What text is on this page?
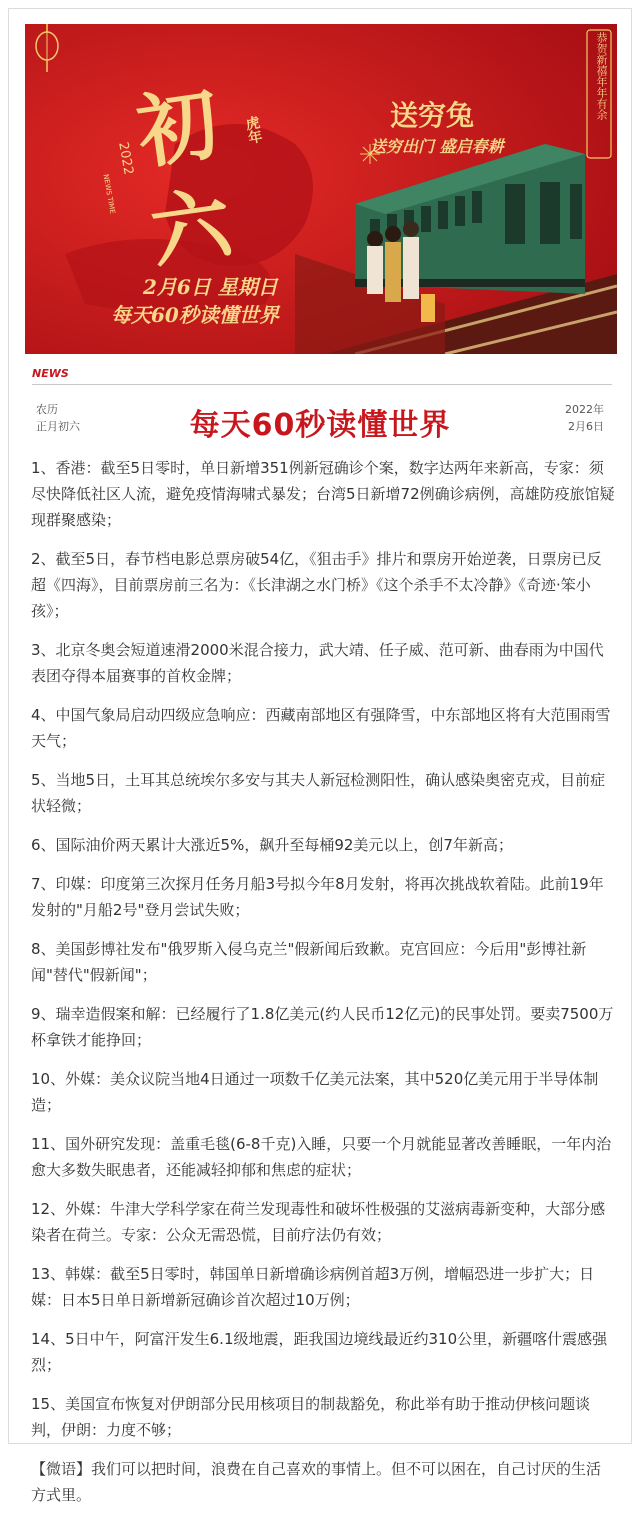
初
六
虎年
2022
NEWS TIME
2月6日 星期日
每天60秒读懂世界
送穷兔
送穷出门 盛启春耕
恭贺新禧年年有余
NEWS
农历
正月初六	每天60秒读懂世界	2022年
2月6日

1、香港：截至5日零时，单日新增351例新冠确诊个案，数字达两年来新高，专家：须尽快降低社区人流，避免疫情海啸式暴发；台湾5日新增72例确诊病例，高雄防疫旅馆疑现群聚感染；

2、截至5日，春节档电影总票房破54亿，《狙击手》排片和票房开始逆袭，日票房已反超《四海》，目前票房前三名为：《长津湖之水门桥》《这个杀手不太冷静》《奇迹·笨小孩》；

3、北京冬奥会短道速滑2000米混合接力，武大靖、任子威、范可新、曲春雨为中国代表团夺得本届赛事的首枚金牌；

4、中国气象局启动四级应急响应：西藏南部地区有强降雪，中东部地区将有大范围雨雪天气；

5、当地5日，土耳其总统埃尔多安与其夫人新冠检测阳性，确认感染奥密克戎，目前症状轻微；

6、国际油价两天累计大涨近5%，飙升至每桶92美元以上，创7年新高；

7、印媒：印度第三次探月任务月船3号拟今年8月发射，将再次挑战软着陆。此前19年发射的"月船2号"登月尝试失败；

8、美国彭博社发布"俄罗斯入侵乌克兰"假新闻后致歉。克宫回应：今后用"彭博社新闻"替代"假新闻"；

9、瑞幸造假案和解：已经履行了1.8亿美元(约人民币12亿元)的民事处罚。要卖7500万杯拿铁才能挣回；

10、外媒：美众议院当地4日通过一项数千亿美元法案，其中520亿美元用于半导体制造；

11、国外研究发现：盖重毛毯(6-8千克)入睡，只要一个月就能显著改善睡眠，一年内治愈大多数失眠患者，还能减轻抑郁和焦虑的症状；

12、外媒：牛津大学科学家在荷兰发现毒性和破坏性极强的艾滋病毒新变种，大部分感染者在荷兰。专家：公众无需恐慌，目前疗法仍有效；

13、韩媒：截至5日零时，韩国单日新增确诊病例首超3万例，增幅恐进一步扩大；日媒：日本5日单日新增新冠确诊首次超过10万例；

14、5日中午，阿富汗发生6.1级地震，距我国边境线最近约310公里，新疆喀什震感强烈；

15、美国宣布恢复对伊朗部分民用核项目的制裁豁免，称此举有助于推动伊核问题谈判，伊朗：力度不够；

【微语】我们可以把时间，浪费在自己喜欢的事情上。但不可以困在，自己讨厌的生活方式里。
